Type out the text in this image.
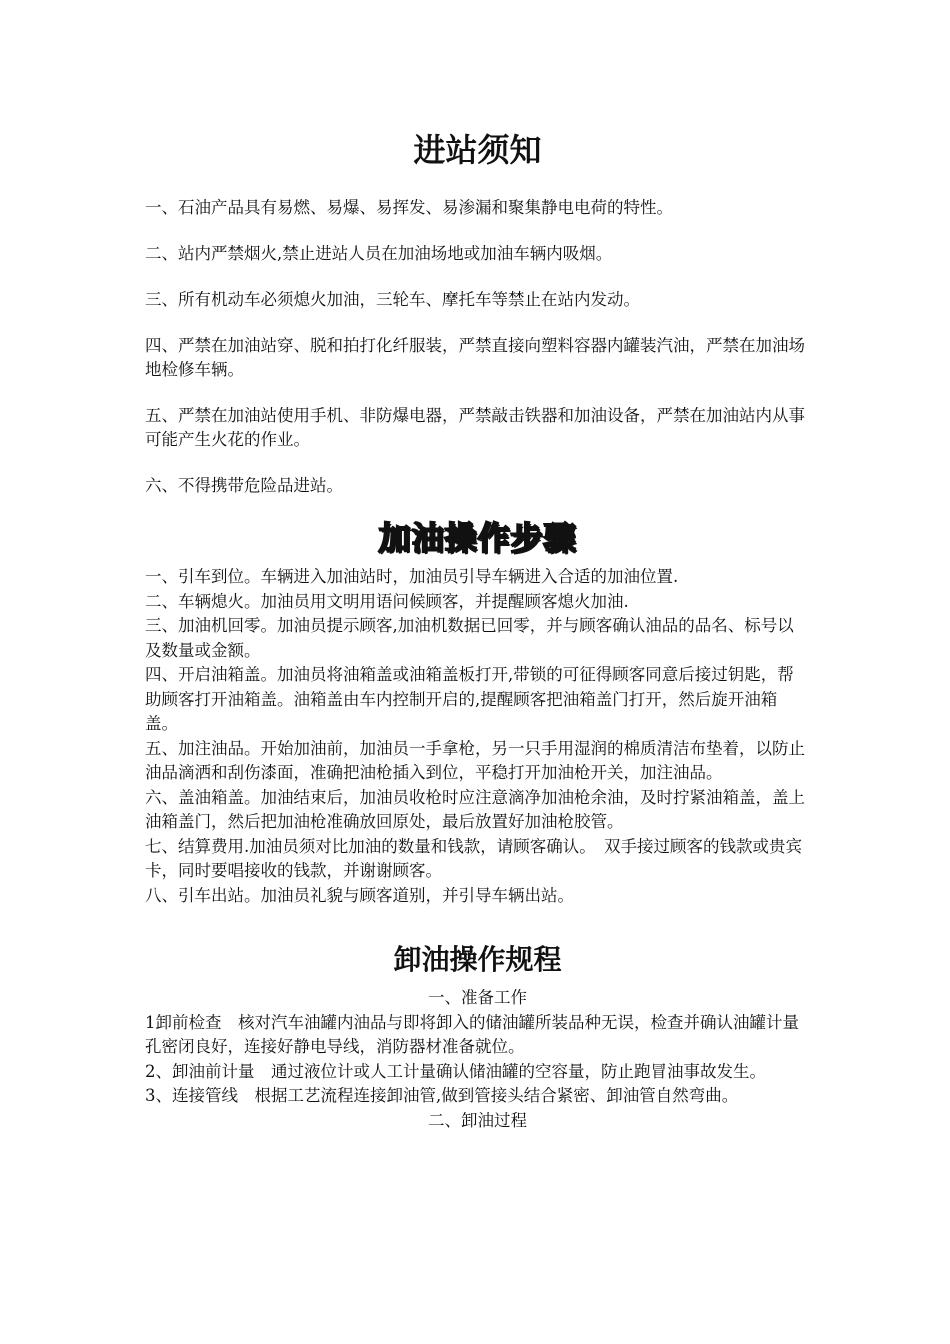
进站须知

一、石油产品具有易燃、易爆、易挥发、易渗漏和聚集静电电荷的特性。

二、站内严禁烟火,禁止进站人员在加油场地或加油车辆内吸烟。

三、所有机动车必须熄火加油，三轮车、摩托车等禁止在站内发动。

四、严禁在加油站穿、脱和拍打化纤服装，严禁直接向塑料容器内罐装汽油，严禁在加油场地检修车辆。

五、严禁在加油站使用手机、非防爆电器，严禁敲击铁器和加油设备，严禁在加油站内从事可能产生火花的作业。

六、不得携带危险品进站。

加油操作步骤

一、引车到位。车辆进入加油站时，加油员引导车辆进入合适的加油位置.

二、车辆熄火。加油员用文明用语问候顾客，并提醒顾客熄火加油.

三、加油机回零。加油员提示顾客,加油机数据已回零，并与顾客确认油品的品名、标号以及数量或金额。

四、开启油箱盖。加油员将油箱盖或油箱盖板打开,带锁的可征得顾客同意后接过钥匙，帮助顾客打开油箱盖。油箱盖由车内控制开启的,提醒顾客把油箱盖门打开，然后旋开油箱盖。

五、加注油品。开始加油前，加油员一手拿枪，另一只手用湿润的棉质清洁布垫着，以防止油品滴洒和刮伤漆面，准确把油枪插入到位，平稳打开加油枪开关，加注油品。

六、盖油箱盖。加油结束后，加油员收枪时应注意滴净加油枪余油，及时拧紧油箱盖，盖上油箱盖门，然后把加油枪准确放回原处，最后放置好加油枪胶管。

七、结算费用.加油员须对比加油的数量和钱款，请顾客确认。　双手接过顾客的钱款或贵宾卡，同时要唱接收的钱款，并谢谢顾客。

八、引车出站。加油员礼貌与顾客道别，并引导车辆出站。

卸油操作规程

一、准备工作

1卸前检查　核对汽车油罐内油品与即将卸入的储油罐所装品种无误，检查并确认油罐计量孔密闭良好，连接好静电导线，消防器材准备就位。

2、卸油前计量　通过液位计或人工计量确认储油罐的空容量，防止跑冒油事故发生。

3、连接管线　根据工艺流程连接卸油管,做到管接头结合紧密、卸油管自然弯曲。

二、卸油过程
